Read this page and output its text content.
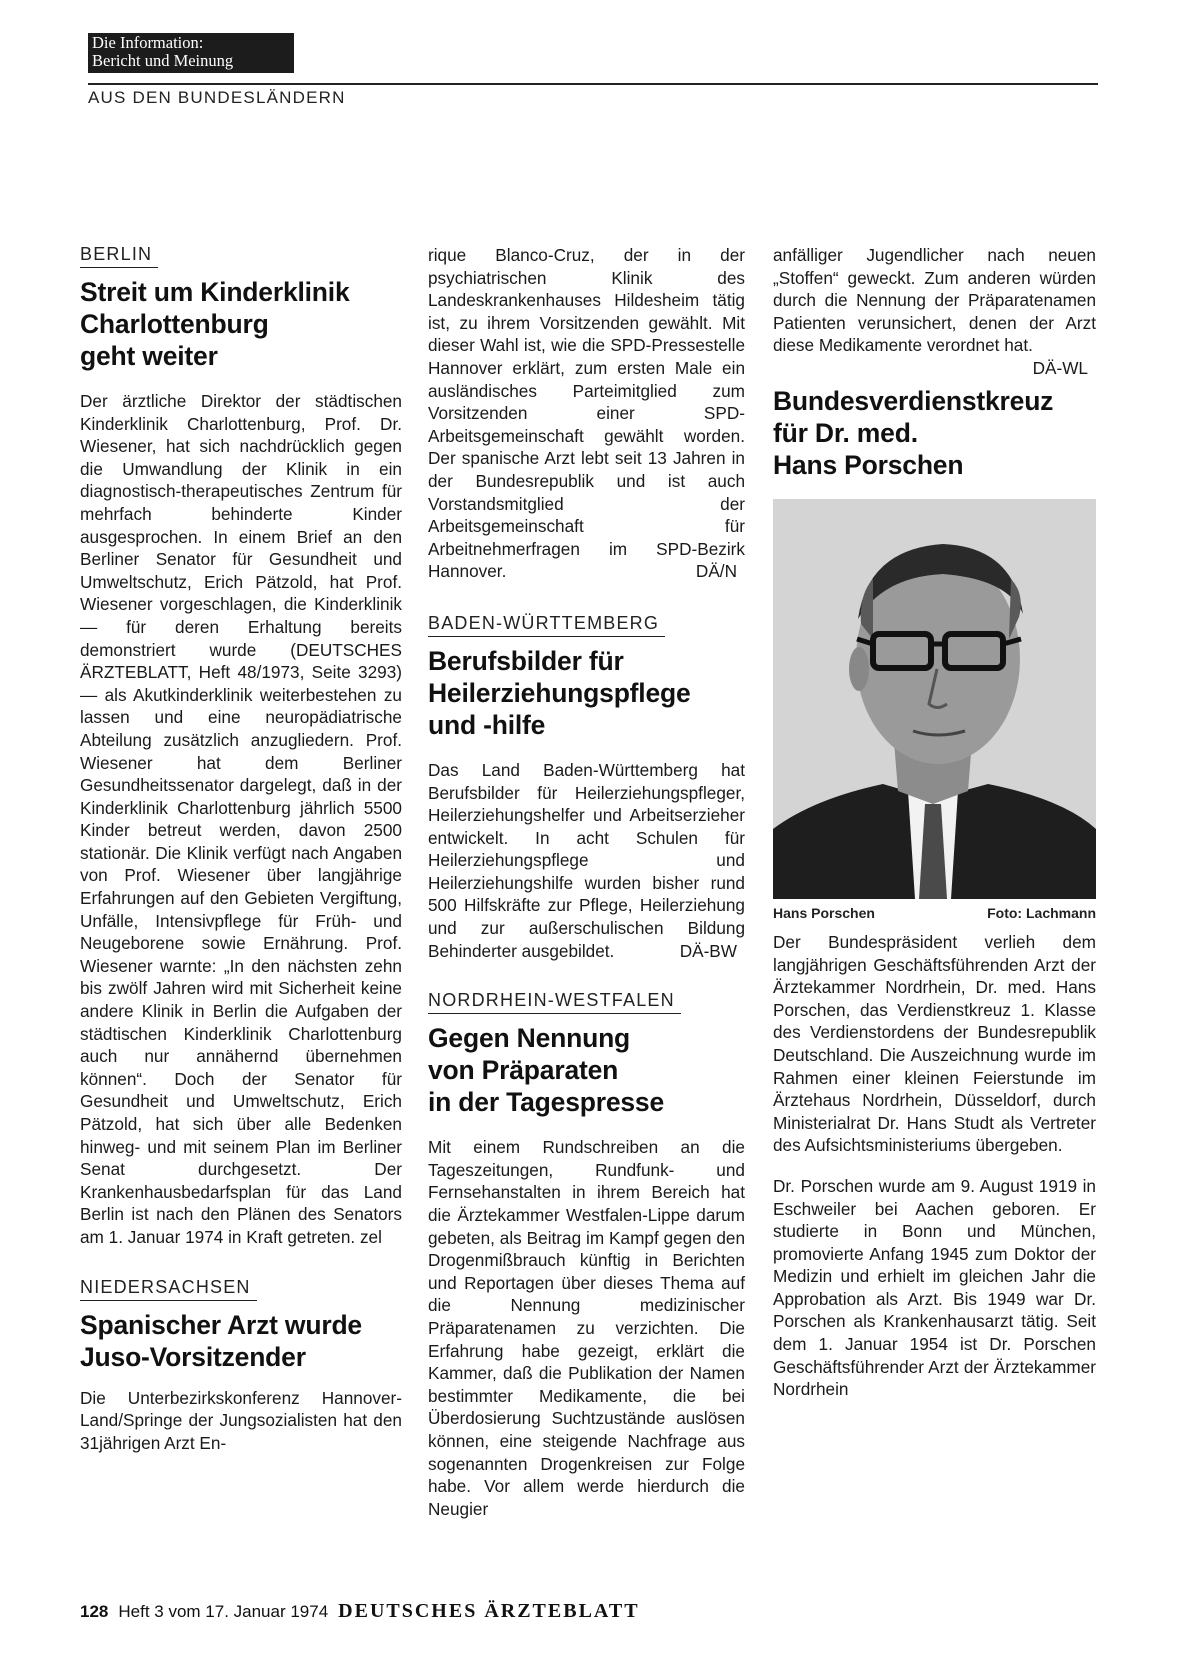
Die Information:
Bericht und Meinung
AUS DEN BUNDESLÄNDERN
BERLIN
Streit um Kinderklinik
Charlottenburg
geht weiter

Der ärztliche Direktor der städtischen Kinderklinik Charlottenburg, Prof. Dr. Wiesener, hat sich nachdrücklich gegen die Umwandlung der Klinik in ein diagnostisch-therapeutisches Zentrum für mehrfach behinderte Kinder ausgesprochen. In einem Brief an den Berliner Senator für Gesundheit und Umweltschutz, Erich Pätzold, hat Prof. Wiesener vorgeschlagen, die Kinderklinik — für deren Erhaltung bereits demonstriert wurde (DEUTSCHES ÄRZTEBLATT, Heft 48/1973, Seite 3293) — als Akutkinderklinik weiterbestehen zu lassen und eine neuropädiatrische Abteilung zusätzlich anzugliedern. Prof. Wiesener hat dem Berliner Gesundheitssenator dargelegt, daß in der Kinderklinik Charlottenburg jährlich 5500 Kinder betreut werden, davon 2500 stationär. Die Klinik verfügt nach Angaben von Prof. Wiesener über langjährige Erfahrungen auf den Gebieten Vergiftung, Unfälle, Intensivpflege für Früh- und Neugeborene sowie Ernährung. Prof. Wiesener warnte: „In den nächsten zehn bis zwölf Jahren wird mit Sicherheit keine andere Klinik in Berlin die Aufgaben der städtischen Kinderklinik Charlottenburg auch nur annähernd übernehmen können“. Doch der Senator für Gesundheit und Umweltschutz, Erich Pätzold, hat sich über alle Bedenken hinweg- und mit seinem Plan im Berliner Senat durchgesetzt. Der Krankenhausbedarfsplan für das Land Berlin ist nach den Plänen des Senators am 1. Januar 1974 in Kraft getreten. zel

NIEDERSACHSEN
Spanischer Arzt wurde
Juso-Vorsitzender

Die Unterbezirkskonferenz Hannover-Land/Springe der Jungsozialisten hat den 31jährigen Arzt En-

rique Blanco-Cruz, der in der psychiatrischen Klinik des Landeskrankenhauses Hildesheim tätig ist, zu ihrem Vorsitzenden gewählt. Mit dieser Wahl ist, wie die SPD-Pressestelle Hannover erklärt, zum ersten Male ein ausländisches Parteimitglied zum Vorsitzenden einer SPD-Arbeitsgemeinschaft gewählt worden. Der spanische Arzt lebt seit 13 Jahren in der Bundesrepublik und ist auch Vorstandsmitglied der Arbeitsgemeinschaft für Arbeitnehmerfragen im SPD-Bezirk Hannover.	DÄ/N

BADEN-WÜRTTEMBERG
Berufsbilder für
Heilerziehungspflege
und -hilfe

Das Land Baden-Württemberg hat Berufsbilder für Heilerziehungspfleger, Heilerziehungshelfer und Arbeitserzieher entwickelt. In acht Schulen für Heilerziehungspflege und Heilerziehungshilfe wurden bisher rund 500 Hilfskräfte zur Pflege, Heilerziehung und zur außerschulischen Bildung Behinderter ausgebildet.	DÄ-BW

NORDRHEIN-WESTFALEN
Gegen Nennung
von Präparaten
in der Tagespresse

Mit einem Rundschreiben an die Tageszeitungen, Rundfunk- und Fernsehanstalten in ihrem Bereich hat die Ärztekammer Westfalen-Lippe darum gebeten, als Beitrag im Kampf gegen den Drogenmißbrauch künftig in Berichten und Reportagen über dieses Thema auf die Nennung medizinischer Präparatenamen zu verzichten. Die Erfahrung habe gezeigt, erklärt die Kammer, daß die Publikation der Namen bestimmter Medikamente, die bei Überdosierung Suchtzustände auslösen können, eine steigende Nachfrage aus sogenannten Drogenkreisen zur Folge habe. Vor allem werde hierdurch die Neugier

anfälliger Jugendlicher nach neuen „Stoffen“ geweckt. Zum anderen würden durch die Nennung der Präparatenamen Patienten verunsichert, denen der Arzt diese Medikamente verordnet hat.
DÄ-WL

Bundesverdienstkreuz
für Dr. med.
Hans Porschen
Hans Porschen	Foto: Lachmann

Der Bundespräsident verlieh dem langjährigen Geschäftsführenden Arzt der Ärztekammer Nordrhein, Dr. med. Hans Porschen, das Verdienstkreuz 1. Klasse des Verdienstordens der Bundesrepublik Deutschland. Die Auszeichnung wurde im Rahmen einer kleinen Feierstunde im Ärztehaus Nordrhein, Düsseldorf, durch Ministerialrat Dr. Hans Studt als Vertreter des Aufsichtsministeriums übergeben.

Dr. Porschen wurde am 9. August 1919 in Eschweiler bei Aachen geboren. Er studierte in Bonn und München, promovierte Anfang 1945 zum Doktor der Medizin und erhielt im gleichen Jahr die Approbation als Arzt. Bis 1949 war Dr. Porschen als Krankenhausarzt tätig. Seit dem 1. Januar 1954 ist Dr. Porschen Geschäftsführender Arzt der Ärztekammer Nordrhein

128 Heft 3 vom 17. Januar 1974 DEUTSCHES ÄRZTEBLATT
